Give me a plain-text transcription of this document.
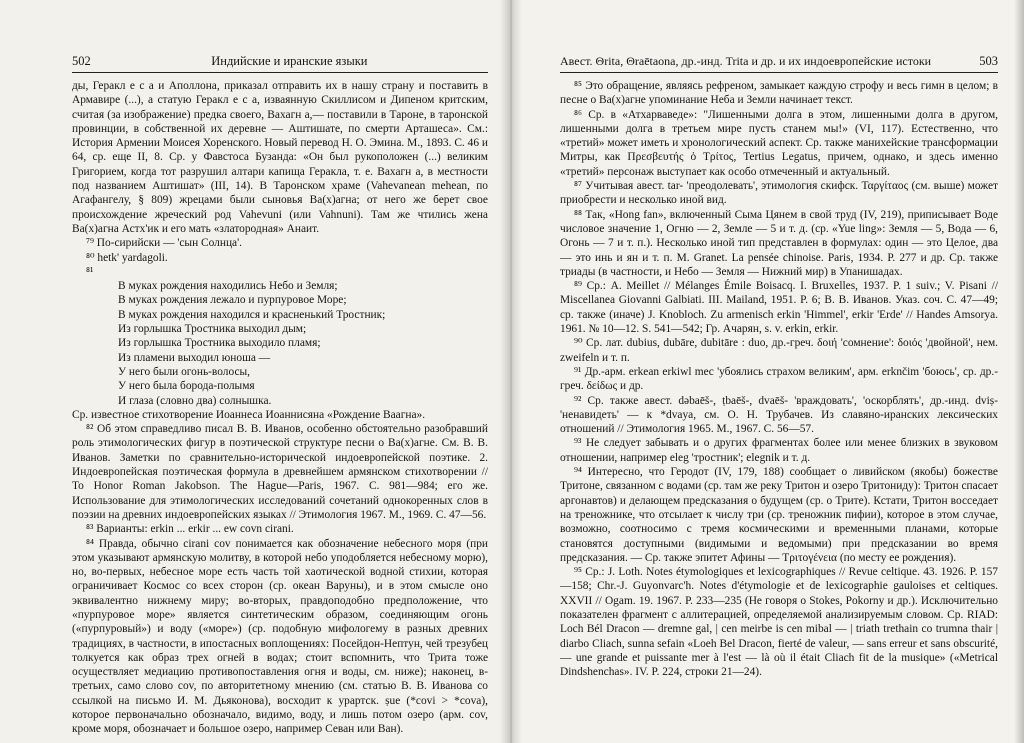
502	Индийские и иранские языки

ды, Геракл е с а и Аполлона, приказал отправить их в нашу страну и поставить в Армавире (...), а статую Геракл е с а, изваянную Скиллисом и Дипеном критским, считая (за изображение) предка своего, Вахагн а,— поставили в Тароне, в таронской провинции, в собственной их деревне — Аштишате, по смерти Арташеса». См.: История Армении Моисея Хоренского. Новый перевод Н. О. Эмина. М., 1893. С. 46 и 64, ср. еще II, 8. Ср. у Фавстоса Бузанда: «Он был рукоположен (...) великим Григорием, когда тот разрушил алтари капища Геракла, т. е. Вахагн а, в местности под названием Аштишат» (III, 14). В Таронском храме (Vahevanean mehean, по Агафангелу, § 809) жрецами были сыновья Ва(х)агна; от него же берет свое происхождение жреческий род Vahevuni (или Vahnuni). Там же чтились жена Ва(х)агна Астх'ик и его мать «златородная» Анаит.

⁷⁹ По-сирийски — 'сын Солнца'.

⁸⁰ hetk' yardagoli.

⁸¹

В муках рождения находились Небо и Земля;
В муках рождения лежало и пурпуровое Море;
В муках рождения находился и красненький Тростник;
Из горлышка Тростника выходил дым;
Из горлышка Тростника выходило пламя;
Из пламени выходил юноша —
У него были огонь-волосы,
У него была борода-полымя
И глаза (словно два) солнышка.

Ср. известное стихотворение Иоаннеса Иоаннисяна «Рождение Ваагна».

⁸² Об этом справедливо писал В. В. Иванов, особенно обстоятельно разобравший роль этимологических фигур в поэтической структуре песни о Ва(х)агне. См. В. В. Иванов. Заметки по сравнительно-исторической индоевропейской поэтике. 2. Индоевропейская поэтическая формула в древнейшем армянском стихотворении // To Honor Roman Jakobson. The Hague—Paris, 1967. С. 981—984; его же. Использование для этимологических исследований сочетаний однокоренных слов в поэзии на древних индоевропейских языках // Этимология 1967. М., 1969. С. 47—56.

⁸³ Варианты: erkin ... erkir ... ew covn cirani.

⁸⁴ Правда, обычно cirani cov понимается как обозначение небесного моря (при этом указывают армянскую молитву, в которой небо уподобляется небесному морю), но, во-первых, небесное море есть часть той хаотической водной стихии, которая ограничивает Космос со всех сторон (ср. океан Варуны), и в этом смысле оно эквивалентно нижнему миру; во-вторых, правдоподобно предположение, что «пурпуровое море» является синтетическим образом, соединяющим огонь («пурпуровый») и воду («море») (ср. подобную мифологему в разных древних традициях, в частности, в ипостасных воплощениях: Посейдон-Нептун, чей трезубец толкуется как образ трех огней в водах; стоит вспомнить, что Трита тоже осуществляет медиацию противопоставления огня и воды, см. ниже); наконец, в-третьих, само слово cov, по авторитетному мнению (см. статью В. В. Иванова со ссылкой на письмо И. М. Дьяконова), восходит к урартск. ṣue (*covi > *cova), которое первоначально обозначало, видимо, воду, и лишь потом озеро (арм. cov, кроме моря, обозначает и большое озеро, например Севан или Ван).

Авест. Θrita, Θraētaona, др.-инд. Trita и др. и их индоевропейские истоки	503

⁸⁵ Это обращение, являясь рефреном, замыкает каждую строфу и весь гимн в целом; в песне о Ва(х)агне упоминание Неба и Земли начинает текст.

⁸⁶ Ср. в «Атхарваведе»: "Лишенными долга в этом, лишенными долга в другом, лишенными долга в третьем мире пусть станем мы!» (VI, 117). Естественно, что «третий» может иметь и хронологический аспект. Ср. также манихейские трансформации Митры, как Πρεσβευτής ὁ Τρίτος, Tertius Legatus, причем, однако, и здесь именно «третий» персонаж выступает как особо отмеченный и актуальный.

⁸⁷ Учитывая авест. tar- 'преодолевать', этимология скифск. Ταργίταος (см. выше) может приобрести и несколько иной вид.

⁸⁸ Так, «Hong fan», включенный Сыма Цянем в свой труд (IV, 219), приписывает Воде числовое значение 1, Огню — 2, Земле — 5 и т. д. (ср. «Yue ling»: Земля — 5, Вода — 6, Огонь — 7 и т. п.). Несколько иной тип представлен в формулах: один — это Целое, два — это инь и ян и т. п. M. Granet. La pensée chinoise. Paris, 1934. P. 277 и др. Ср. также триады (в частности, и Небо — Земля — Нижний мир) в Упанишадах.

⁸⁹ Ср.: A. Meillet // Mélanges Émile Boisacq. I. Bruxelles, 1937. P. 1 suiv.; V. Pisani // Miscellanea Giovanni Galbiati. III. Mailand, 1951. P. 6; В. В. Иванов. Указ. соч. С. 47—49; ср. также (иначе) J. Knobloch. Zu armenisch erkin 'Himmel', erkir 'Erde' // Handes Amsorya. 1961. № 10—12. S. 541—542; Гр. Ачарян, s. v. erkin, erkir.

⁹⁰ Ср. лат. dubius, dubāre, dubitāre : duo, др.-греч. δοιή 'сомнение': δοιός 'двойной', нем. zweifeln и т. п.

⁹¹ Др.-арм. erkean erkiwl mec 'убоялись страхом великим', арм. erknčim 'боюсь', ср. др.-греч. δείδως и др.

⁹² Ср. также авест. dəbaēš-, ṭbaēš-, dvaēš- 'враждовать', 'оскорблять', др.-инд. dviṣ- 'ненавидеть' — к *dvaya, см. О. Н. Трубачев. Из славяно-иранских лексических отношений // Этимология 1965. М., 1967. С. 56—57.

⁹³ Не следует забывать и о других фрагментах более или менее близких в звуковом отношении, например eleg 'тростник'; elegnik и т. д.

⁹⁴ Интересно, что Геродот (IV, 179, 188) сообщает о ливийском (якобы) божестве Тритоне, связанном с водами (ср. там же реку Тритон и озеро Тритониду): Тритон спасает аргонавтов) и делающем предсказания о будущем (ср. о Трите). Кстати, Тритон восседает на треножнике, что отсылает к числу три (ср. треножник пифии), которое в этом случае, возможно, соотносимо с тремя космическими и временными планами, которые становятся доступными (видимыми и ведомыми) при предсказании во время предсказания. — Ср. также эпитет Афины — Τριτογένεια (по месту ее рождения).

⁹⁵ Ср.: J. Loth. Notes étymologiques et lexicographiques // Revue celtique. 43. 1926. P. 157—158; Chr.-J. Guyonvarc'h. Notes d'étymologie et de lexicographie gauloises et celtiques. XXVII // Ogam. 19. 1967. P. 233—235 (Не говоря о Stokes, Pokorny и др.). Исключительно показателен фрагмент с аллитерацией, определяемой анализируемым словом. Ср. RIAD: Loch Bél Dracon — dremne gal, | cen meirbe is cen mibal — | triath trethain co trumna thair | diarbo Cliach, sunna sefain «Loeh Bel Dracon, fierté de valeur, — sans erreur et sans obscurité, — une grande et puissante mer à l'est — là où il était Cliach fit de la musique» («Metrical Dindshenchas». IV. P. 224, строки 21—24).
